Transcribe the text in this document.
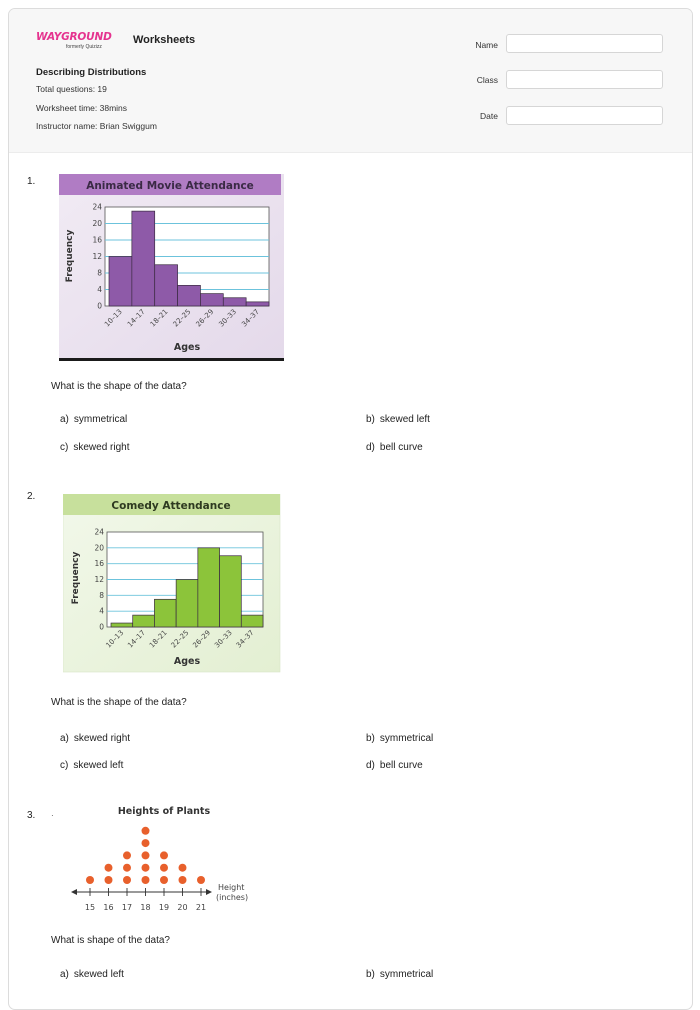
WAYGROUND
formerly Quizizz
Worksheets
Describing Distributions
Total questions: 19
Worksheet time: 38mins
Instructor name: Brian Swiggum
Name
Class
Date
1.	Animated Movie Attendance
0
4
8
12
16
20
24
10–13 14–17 18–21 22–25 26–29 30–33 34–37
Frequency
Ages
What is the shape of the data?
a) symmetrical	b) skewed left
c) skewed right	d) bell curve
2.
Comedy Attendance
0
4
8
12
16
20
24
10–13 14–17 18–21 22–25 26–29 30–33 34–37
Frequency
Ages
What is the shape of the data?
a) skewed right	b) symmetrical
c) skewed left	d) bell curve
3. ·	Heights of Plants
15 16 17 18 19 20 21
Height
(inches)
What is shape of the data?
a) skewed left	b) symmetrical
